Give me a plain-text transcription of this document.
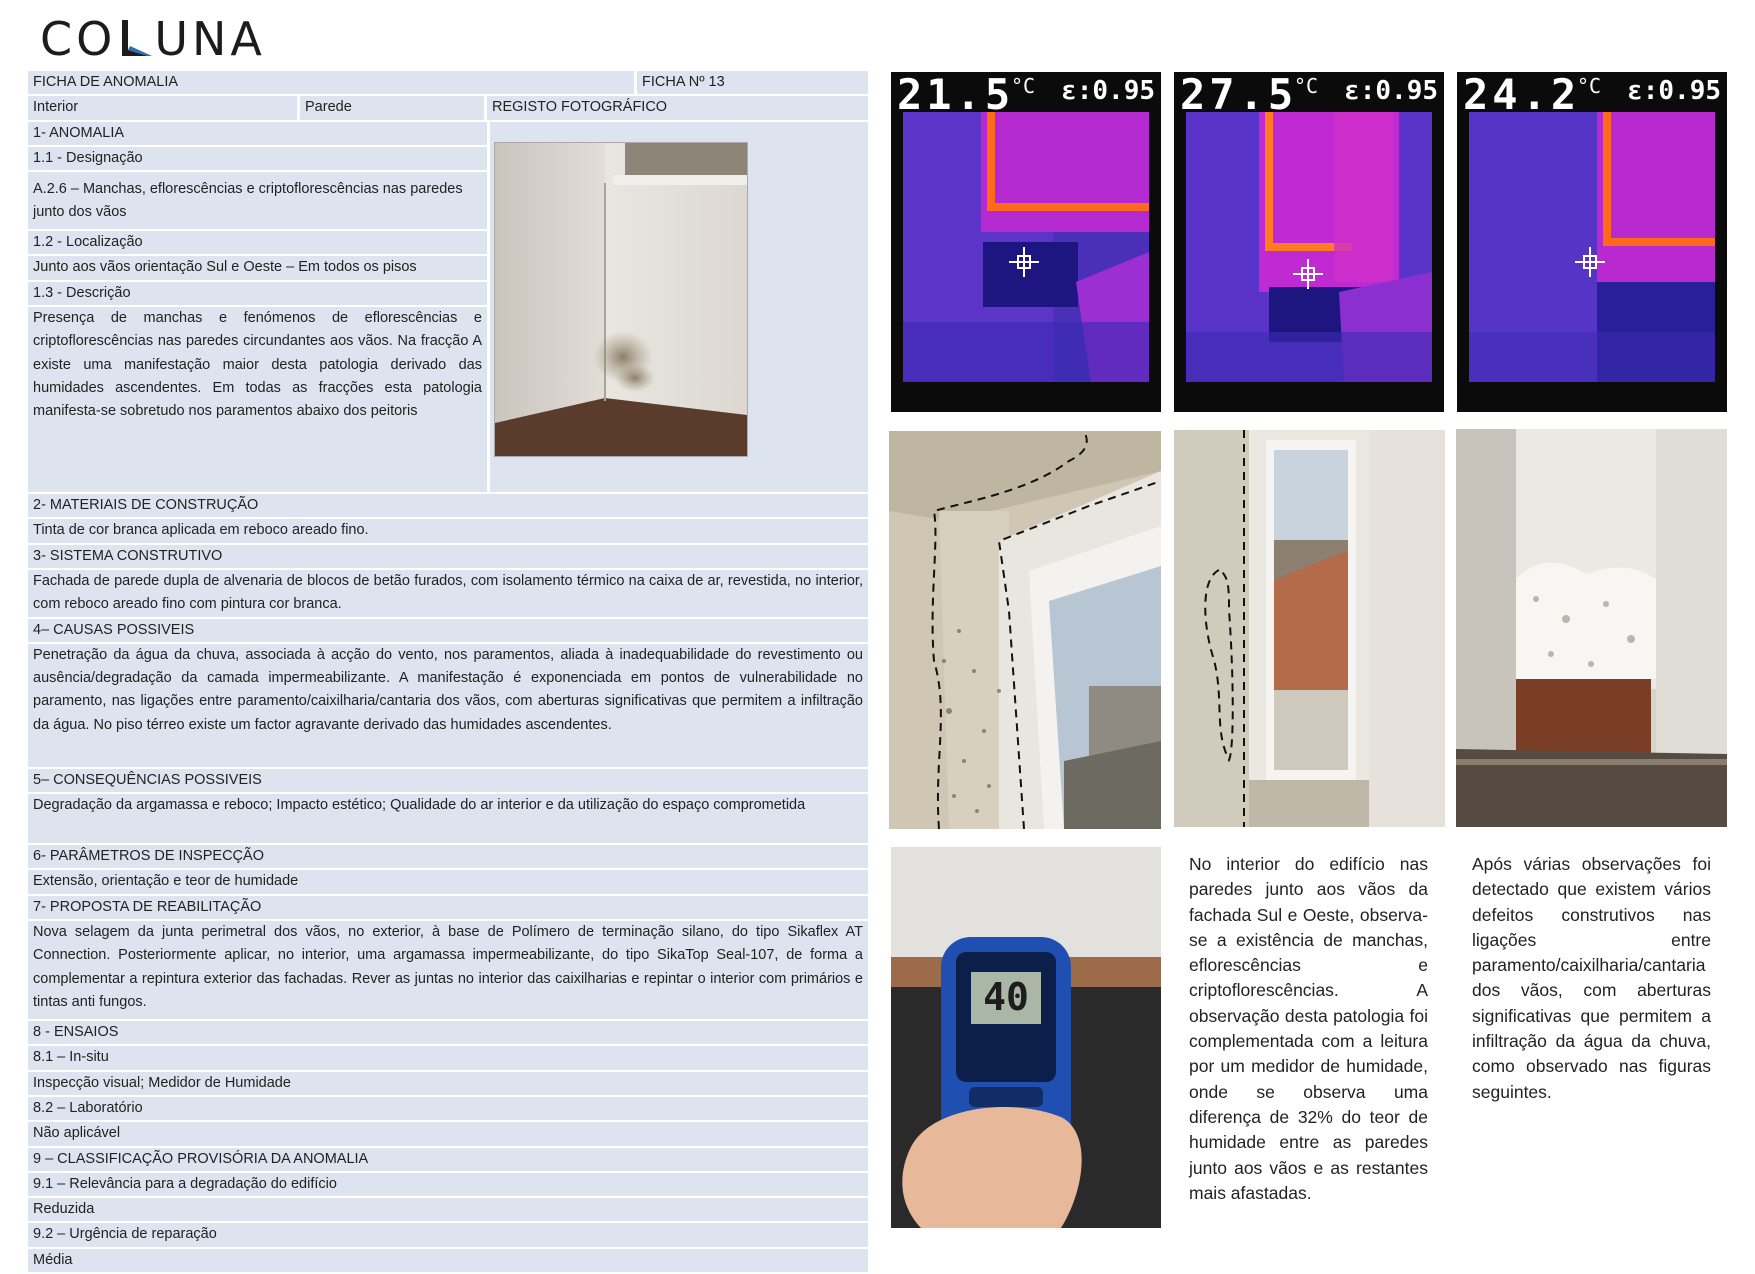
CO UNA
FICHA DE ANOMALIA	FICHA Nº 13
Interior	Parede	REGISTO FOTOGRÁFICO
1- ANOMALIA
1.1 - Designação
A.2.6 – Manchas, eflorescências e criptoflorescências nas paredes junto dos vãos
1.2 - Localização
Junto aos vãos orientação Sul e Oeste – Em todos os pisos
1.3 - Descrição
Presença de manchas e fenómenos de eflorescências e criptoflorescências nas paredes circundantes aos vãos. Na fracção A existe uma manifestação maior desta patologia derivado das humidades ascendentes. Em todas as fracções esta patologia manifesta-se sobretudo nos paramentos abaixo dos peitoris
2- MATERIAIS DE CONSTRUÇÃO
Tinta de cor branca aplicada em reboco areado fino.
3- SISTEMA CONSTRUTIVO
Fachada de parede dupla de alvenaria de blocos de betão furados, com isolamento térmico na caixa de ar, revestida, no interior, com reboco areado fino com pintura cor branca.
4– CAUSAS POSSIVEIS
Penetração da água da chuva, associada à acção do vento, nos paramentos, aliada à inadequabilidade do revestimento ou ausência/degradação da camada impermeabilizante. A manifestação é exponenciada em pontos de vulnerabilidade no paramento, nas ligações entre paramento/caixilharia/cantaria dos vãos, com aberturas significativas que permitem a infiltração da água. No piso térreo existe um factor agravante derivado das humidades ascendentes.
5– CONSEQUÊNCIAS POSSIVEIS
Degradação da argamassa e reboco; Impacto estético; Qualidade do ar interior e da utilização do espaço comprometida
6- PARÂMETROS DE INSPECÇÃO
Extensão, orientação e teor de humidade
7- PROPOSTA DE REABILITAÇÃO
Nova selagem da junta perimetral dos vãos, no exterior, à base de Polímero de terminação silano, do tipo Sikaflex AT Connection. Posteriormente aplicar, no interior, uma argamassa impermeabilizante, do tipo SikaTop Seal-107, de forma a complementar a repintura exterior das fachadas. Rever as juntas no interior das caixilharias e repintar o interior com primários e tintas anti fungos.
8 - ENSAIOS
8.1 – In-situ
Inspecção visual; Medidor de Humidade
8.2 – Laboratório
Não aplicável
9 – CLASSIFICAÇÃO PROVISÓRIA DA ANOMALIA
9.1 – Relevância para a degradação do edifício
Reduzida
9.2 – Urgência de reparação
Média
21.5
°C ε:0.95 27.5
°C ε:0.95 24.2
°C ε:0.95
40
No interior do edifício nas paredes junto aos vãos da fachada Sul e Oeste, observa-se a existência de manchas, eflorescências e criptoflorescências. A observação desta patologia foi complementada com a leitura por um medidor de humidade, onde se observa uma diferença de 32% do teor de humidade entre as paredes junto aos vãos e as restantes mais afastadas.
Após várias observações foi detectado que existem vários defeitos construtivos nas ligações entre paramento/caixilharia/cantaria dos vãos, com aberturas significativas que permitem a infiltração da água da chuva, como observado nas figuras seguintes.
